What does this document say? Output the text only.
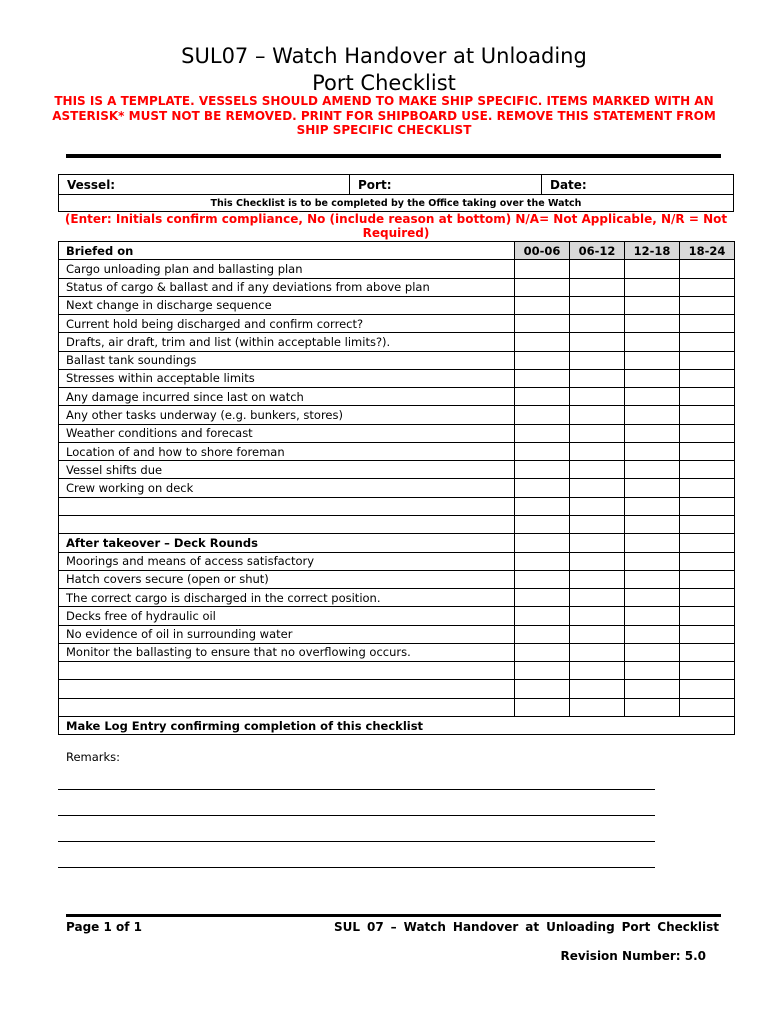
SUL07 – Watch Handover at Unloading
Port Checklist
THIS IS A TEMPLATE. VESSELS SHOULD AMEND TO MAKE SHIP SPECIFIC. ITEMS MARKED WITH AN ASTERISK* MUST NOT BE REMOVED. PRINT FOR SHIPBOARD USE. REMOVE THIS STATEMENT FROM SHIP SPECIFIC CHECKLIST
Vessel:	Port:	Date:
This Checklist is to be completed by the Office taking over the Watch
(Enter: Initials confirm compliance, No (include reason at bottom) N/A= Not Applicable, N/R = Not Required)
Briefed on	00-06	06-12	12-18	18-24
Cargo unloading plan and ballasting plan				
Status of cargo & ballast and if any deviations from above plan				
Next change in discharge sequence				
Current hold being discharged and confirm correct?				
Drafts, air draft, trim and list (within acceptable limits?).				
Ballast tank soundings				
Stresses within acceptable limits				
Any damage incurred since last on watch				
Any other tasks underway (e.g. bunkers, stores)				
Weather conditions and forecast				
Location of and how to shore foreman				
Vessel shifts due				
Crew working on deck				

After takeover – Deck Rounds				
Moorings and means of access satisfactory				
Hatch covers secure (open or shut)				
The correct cargo is discharged in the correct position.				
Decks free of hydraulic oil				
No evidence of oil in surrounding water				
Monitor the ballasting to ensure that no overflowing occurs.				

Make Log Entry confirming completion of this checklist				
Remarks:
Page 1 of 1	SUL 07 – Watch Handover at Unloading Port Checklist
Revision Number: 5.0
